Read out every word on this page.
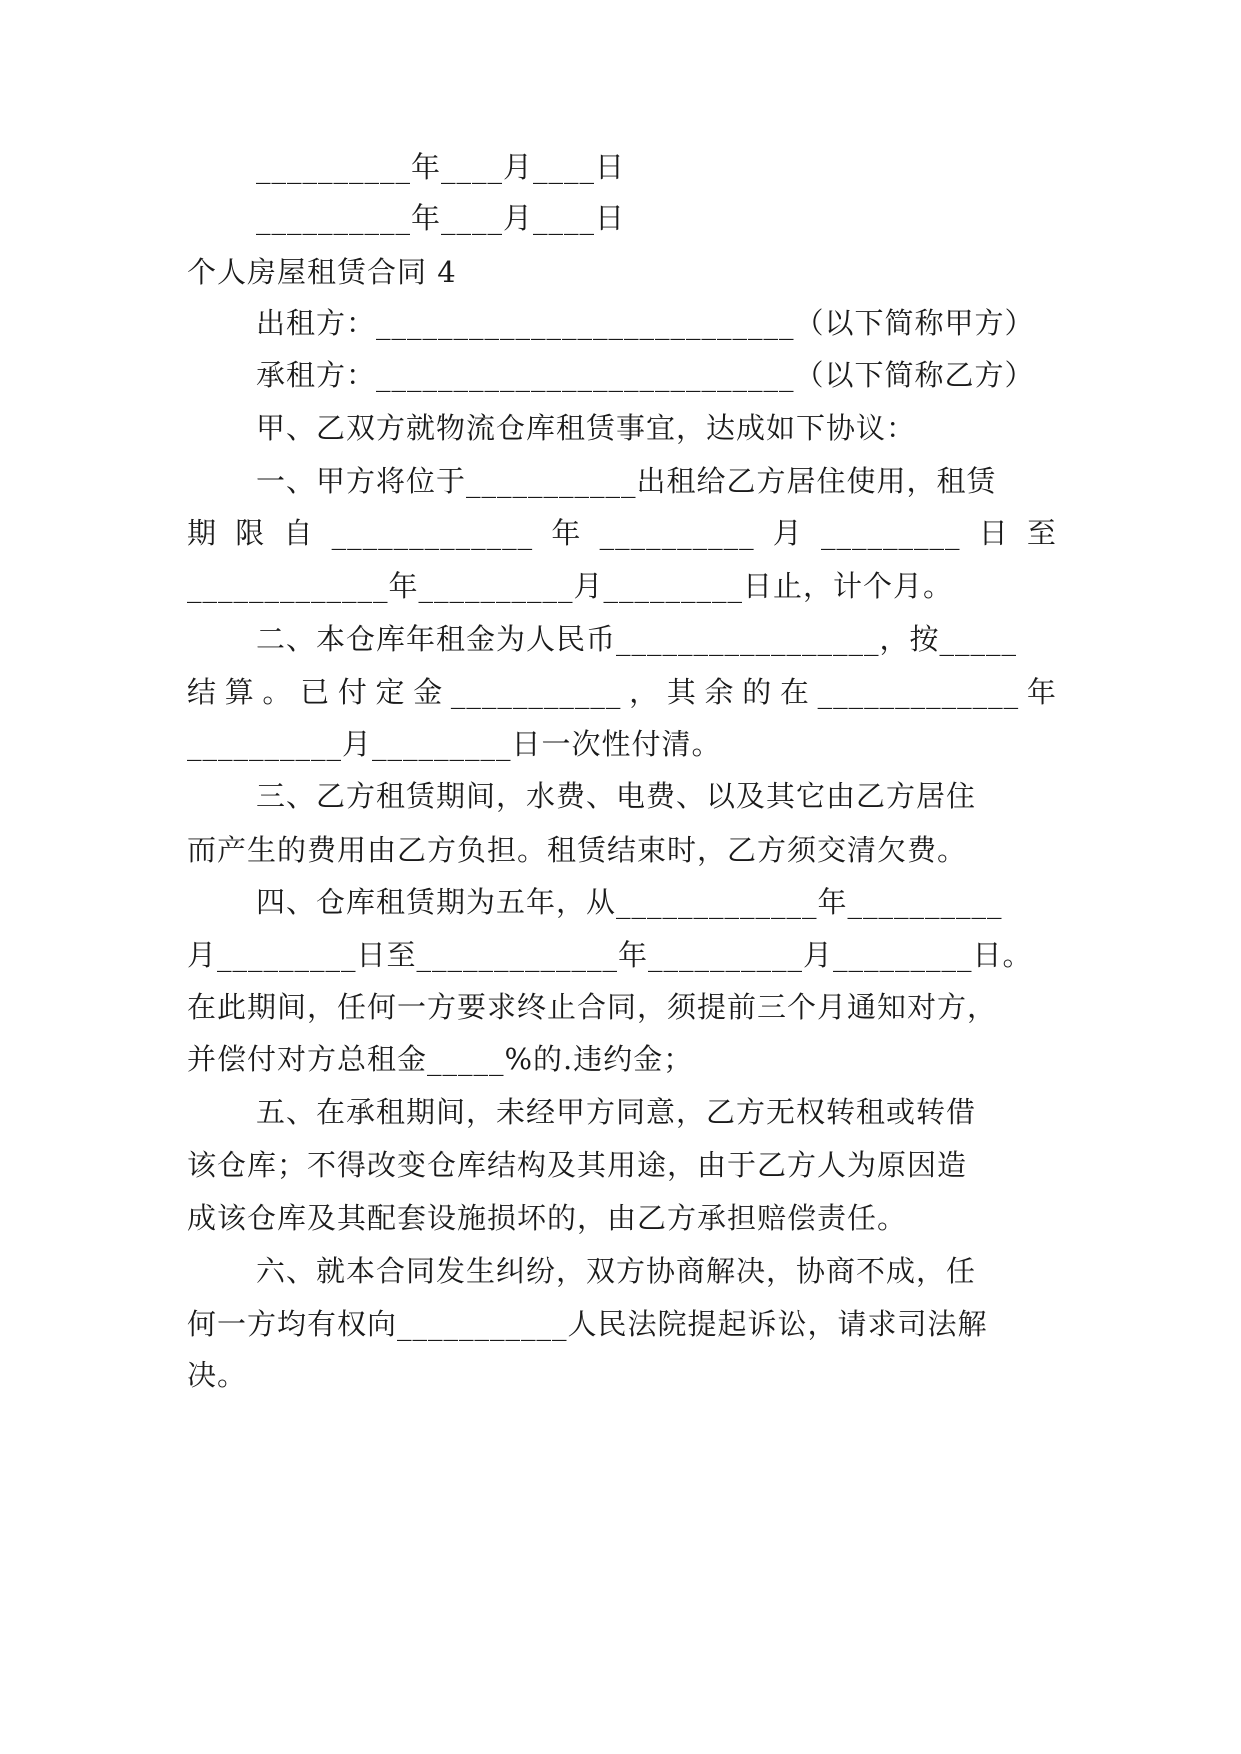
__________年____月____日
__________年____月____日
个人房屋租赁合同 4
出租方：___________________________（以下简称甲方）
承租方：___________________________（以下简称乙方）
甲、乙双方就物流仓库租赁事宜，达成如下协议：
一、甲方将位于___________出租给乙方居住使用，租赁
期 限 自 _____________ 年 __________ 月 _________ 日 至
_____________年__________月_________日止，计个月。
二、本仓库年租金为人民币_________________，按_____
结 算 。 已 付 定 金 ___________ ， 其 余 的 在 _____________ 年
__________月_________日一次性付清。
三、乙方租赁期间，水费、电费、以及其它由乙方居住
而产生的费用由乙方负担。租赁结束时，乙方须交清欠费。
四、仓库租赁期为五年，从_____________年__________
月_________日至_____________年__________月_________日。
在此期间，任何一方要求终止合同，须提前三个月通知对方，
并偿付对方总租金_____%的.违约金；
五、在承租期间，未经甲方同意，乙方无权转租或转借
该仓库；不得改变仓库结构及其用途，由于乙方人为原因造
成该仓库及其配套设施损坏的，由乙方承担赔偿责任。
六、就本合同发生纠纷，双方协商解决，协商不成，任
何一方均有权向___________人民法院提起诉讼，请求司法解
决。
